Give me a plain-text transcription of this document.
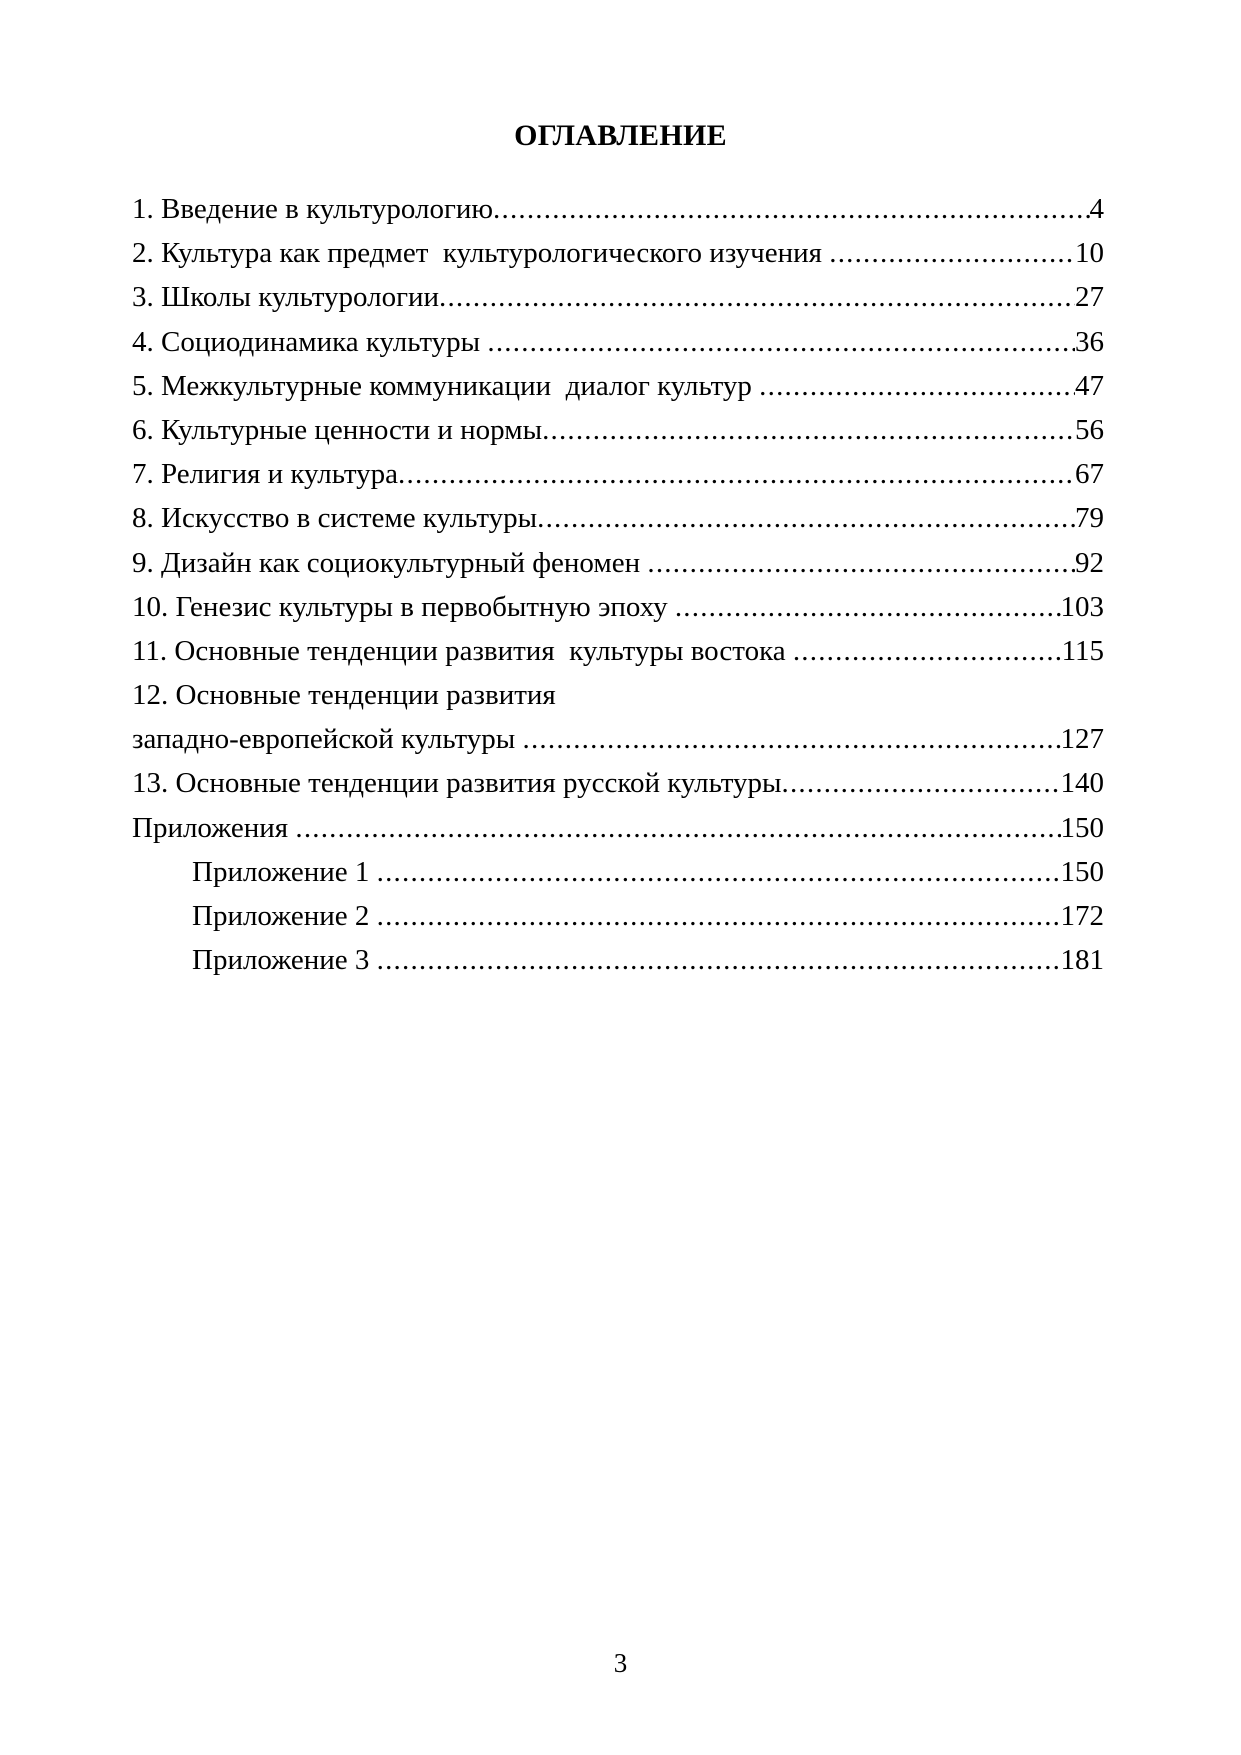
ОГЛАВЛЕНИЕ
1. Введение в культурологию .....	4
2. Культура как предмет  культурологического изучения .....	10
3. Школы культурологии .....	27
4. Социодинамика культуры .....	36
5. Межкультурные коммуникации  диалог культур .....	47
6. Культурные ценности и нормы .....	56
7. Религия и культура .....	67
8. Искусство в системе культуры .....	79
9. Дизайн как социокультурный феномен .....	92
10. Генезис культуры в первобытную эпоху .....	103
11. Основные тенденции развития  культуры востока .....	115
12. Основные тенденции развития
западно-европейской культуры .....	127
13. Основные тенденции развития русской культуры .....	140
Приложения .....	150
Приложение 1 .....	150
Приложение 2 .....	172
Приложение 3 .....	181
3
